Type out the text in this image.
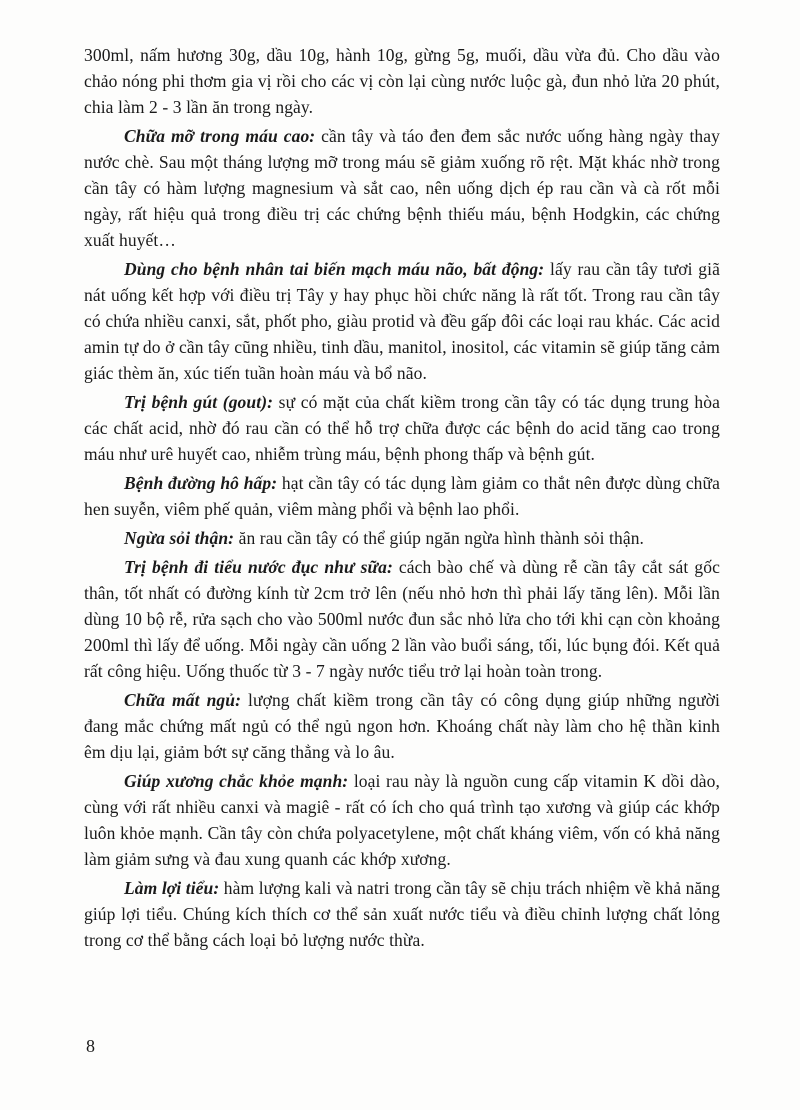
300ml, nấm hương 30g, dầu 10g, hành 10g, gừng 5g, muối, dầu vừa đủ. Cho dầu vào chảo nóng phi thơm gia vị rồi cho các vị còn lại cùng nước luộc gà, đun nhỏ lửa 20 phút, chia làm 2 - 3 lần ăn trong ngày.

Chữa mỡ trong máu cao: cần tây và táo đen đem sắc nước uống hàng ngày thay nước chè. Sau một tháng lượng mỡ trong máu sẽ giảm xuống rõ rệt. Mặt khác nhờ trong cần tây có hàm lượng magnesium và sắt cao, nên uống dịch ép rau cần và cà rốt mỗi ngày, rất hiệu quả trong điều trị các chứng bệnh thiếu máu, bệnh Hodgkin, các chứng xuất huyết…

Dùng cho bệnh nhân tai biến mạch máu não, bất động: lấy rau cần tây tươi giã nát uống kết hợp với điều trị Tây y hay phục hồi chức năng là rất tốt. Trong rau cần tây có chứa nhiều canxi, sắt, phốt pho, giàu protid và đều gấp đôi các loại rau khác. Các acid amin tự do ở cần tây cũng nhiều, tinh dầu, manitol, inositol, các vitamin sẽ giúp tăng cảm giác thèm ăn, xúc tiến tuần hoàn máu và bổ não.

Trị bệnh gút (gout): sự có mặt của chất kiềm trong cần tây có tác dụng trung hòa các chất acid, nhờ đó rau cần có thể hỗ trợ chữa được các bệnh do acid tăng cao trong máu như urê huyết cao, nhiễm trùng máu, bệnh phong thấp và bệnh gút.

Bệnh đường hô hấp: hạt cần tây có tác dụng làm giảm co thắt nên được dùng chữa hen suyễn, viêm phế quản, viêm màng phổi và bệnh lao phổi.

Ngừa sỏi thận: ăn rau cần tây có thể giúp ngăn ngừa hình thành sỏi thận.

Trị bệnh đi tiểu nước đục như sữa: cách bào chế và dùng rễ cần tây cắt sát gốc thân, tốt nhất có đường kính từ 2cm trở lên (nếu nhỏ hơn thì phải lấy tăng lên). Mỗi lần dùng 10 bộ rễ, rửa sạch cho vào 500ml nước đun sắc nhỏ lửa cho tới khi cạn còn khoảng 200ml thì lấy để uống. Mỗi ngày cần uống 2 lần vào buổi sáng, tối, lúc bụng đói. Kết quả rất công hiệu. Uống thuốc từ 3 - 7 ngày nước tiểu trở lại hoàn toàn trong.

Chữa mất ngủ: lượng chất kiềm trong cần tây có công dụng giúp những người đang mắc chứng mất ngủ có thể ngủ ngon hơn. Khoáng chất này làm cho hệ thần kinh êm dịu lại, giảm bớt sự căng thẳng và lo âu.

Giúp xương chắc khỏe mạnh: loại rau này là nguồn cung cấp vitamin K dồi dào, cùng với rất nhiều canxi và magiê - rất có ích cho quá trình tạo xương và giúp các khớp luôn khỏe mạnh. Cần tây còn chứa polyacetylene, một chất kháng viêm, vốn có khả năng làm giảm sưng và đau xung quanh các khớp xương.

Làm lợi tiểu: hàm lượng kali và natri trong cần tây sẽ chịu trách nhiệm về khả năng giúp lợi tiểu. Chúng kích thích cơ thể sản xuất nước tiểu và điều chỉnh lượng chất lỏng trong cơ thể bằng cách loại bỏ lượng nước thừa.

8
